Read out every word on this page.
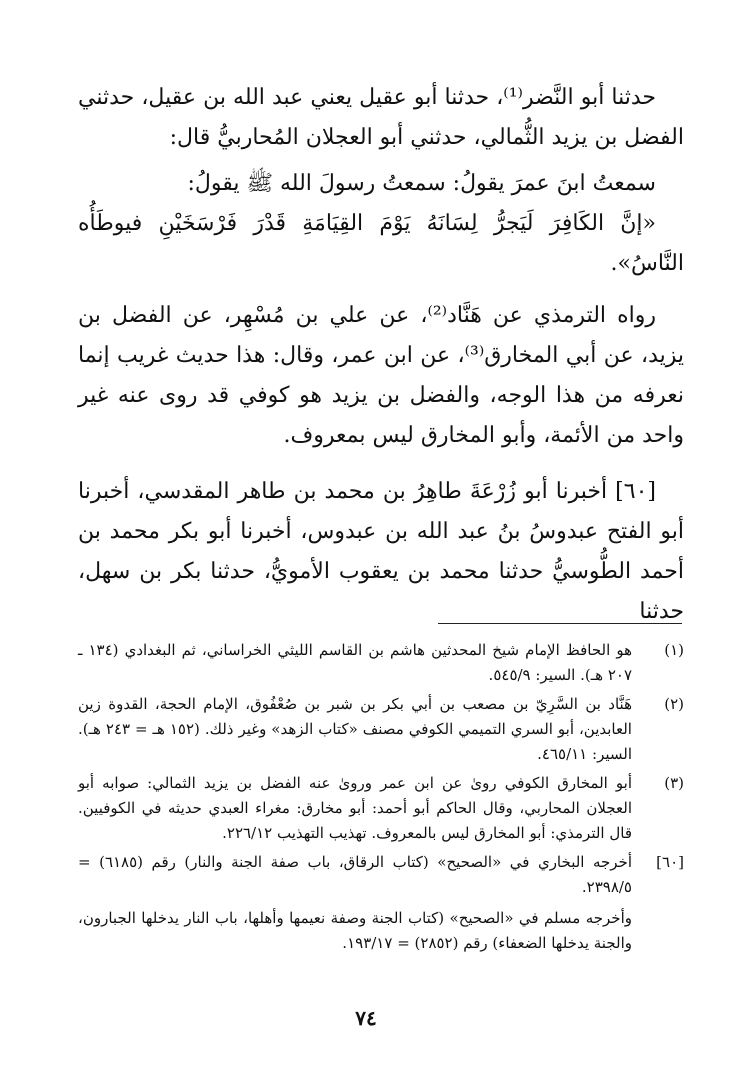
حدثنا أبو النَّضر⁽¹⁾، حدثنا أبو عقيل يعني عبد الله بن عقيل، حدثني الفضل بن يزيد الثُّمالي، حدثني أبو العجلان المُحاربيُّ قال:

سمعتُ ابنَ عمرَ يقولُ: سمعتُ رسولَ الله ﷺ يقولُ:

«إنَّ الكَافِرَ لَيَجرُّ لِسَانَهُ يَوْمَ القِيَامَةِ قَدْرَ فَرْسَخَيْنِ فيوطَأُه النَّاسُ».

رواه الترمذي عن هَنَّاد⁽²⁾، عن علي بن مُسْهِر، عن الفضل بن يزيد، عن أبي المخارق⁽³⁾، عن ابن عمر، وقال: هذا حديث غريب إنما نعرفه من هذا الوجه، والفضل بن يزيد هو كوفي قد روى عنه غير واحد من الأئمة، وأبو المخارق ليس بمعروف.

[٦٠] أخبرنا أبو زُرْعَةَ طاهِرُ بن محمد بن طاهر المقدسي، أخبرنا أبو الفتح عبدوسُ بنُ عبد الله بن عبدوس، أخبرنا أبو بكر محمد بن أحمد الطُّوسيُّ حدثنا محمد بن يعقوب الأمويُّ، حدثنا بكر بن سهل، حدثنا

(١)

هو الحافظ الإمام شيخ المحدثين هاشم بن القاسم الليثي الخراساني، ثم البغدادي (١٣٤ ـ ٢٠٧ هـ). السير: ٥٤٥/٩.

(٢)

هَنَّاد بن السَّرِيّ بن مصعب بن أبي بكر بن شبر بن صُعْفُوق، الإمام الحجة، القدوة زين العابدين، أبو السري التميمي الكوفي مصنف «كتاب الزهد» وغير ذلك. (١٥٢ هـ = ٢٤٣ هـ). السير: ٤٦٥/١١.

(٣)

أبو المخارق الكوفي روىٰ عن ابن عمر وروىٰ عنه الفضل بن يزيد الثمالي: صوابه أبو العجلان المحاربي، وقال الحاكم أبو أحمد: أبو مخارق: مغراء العبدي حديثه في الكوفيين. قال الترمذي: أبو المخارق ليس بالمعروف. تهذيب التهذيب ٢٢٦/١٢.

[٦٠]

أخرجه البخاري في «الصحيح» (كتاب الرقاق، باب صفة الجنة والنار) رقم (٦١٨٥) = ٢٣٩٨/٥.

وأخرجه مسلم في «الصحيح» (كتاب الجنة وصفة نعيمها وأهلها، باب النار يدخلها الجبارون، والجنة يدخلها الضعفاء) رقم (٢٨٥٢) = ١٩٣/١٧.

٧٤
